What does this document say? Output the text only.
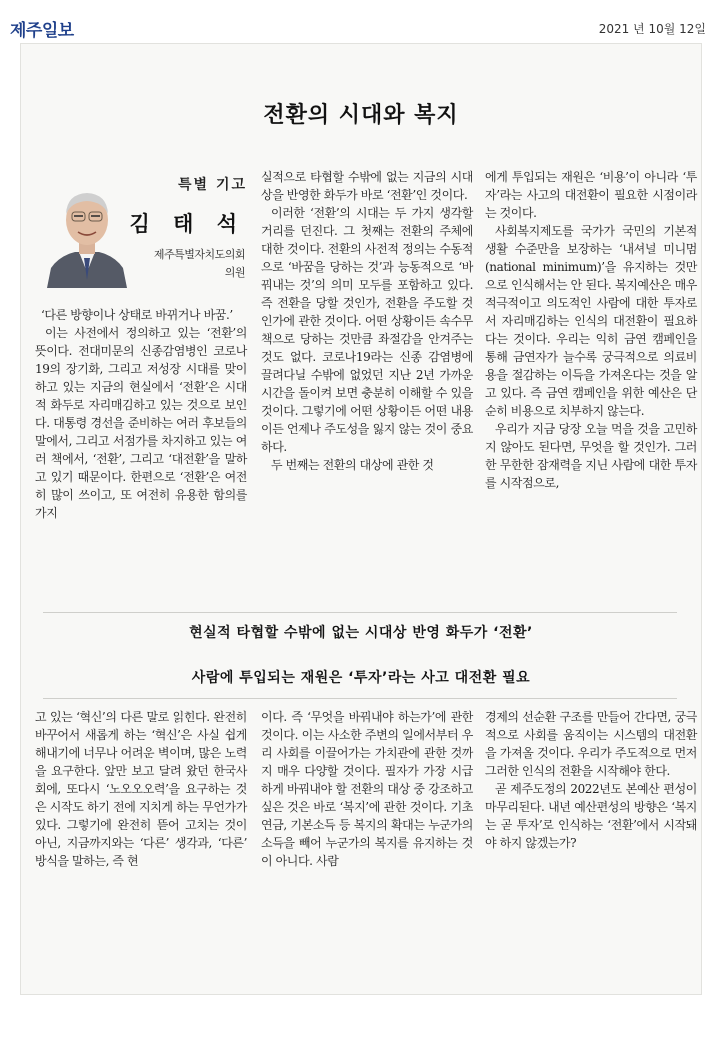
제주일보	2021 년 10월 12일
전환의 시대와 복지
특별 기고
김 태 석
제주특별자치도의회
의원

‘다른 방향이나 상태로 바뀌거나 바꿈.’

이는 사전에서 정의하고 있는 ‘전환’의 뜻이다. 전대미문의 신종감염병인 코로나19의 장기화, 그리고 저성장 시대를 맞이하고 있는 지금의 현실에서 ‘전환’은 시대적 화두로 자리매김하고 있는 것으로 보인다. 대통령 경선을 준비하는 여러 후보들의 말에서, 그리고 서점가를 차지하고 있는 여러 책에서, ‘전환’, 그리고 ‘대전환’을 말하고 있기 때문이다. 한편으로 ‘전환’은 여전히 많이 쓰이고, 또 여전히 유용한 함의를 가지

실적으로 타협할 수밖에 없는 지금의 시대상을 반영한 화두가 바로 ‘전환’인 것이다.

이러한 ‘전환’의 시대는 두 가지 생각할 거리를 던진다. 그 첫째는 전환의 주체에 대한 것이다. 전환의 사전적 정의는 수동적으로 ‘바꿈을 당하는 것’과 능동적으로 ‘바꿔내는 것’의 의미 모두를 포함하고 있다. 즉 전환을 당할 것인가, 전환을 주도할 것인가에 관한 것이다. 어떤 상황이든 속수무책으로 당하는 것만큼 좌절감을 안겨주는 것도 없다. 코로나19라는 신종 감염병에 끌려다닐 수밖에 없었던 지난 2년 가까운 시간을 돌이켜 보면 충분히 이해할 수 있을 것이다. 그렇기에 어떤 상황이든 어떤 내용이든 언제나 주도성을 잃지 않는 것이 중요하다.

두 번째는 전환의 대상에 관한 것

에게 투입되는 재원은 ‘비용’이 아니라 ‘투자’라는 사고의 대전환이 필요한 시점이라는 것이다.

사회복지제도를 국가가 국민의 기본적 생활 수준만을 보장하는 ‘내셔널 미니멈(national minimum)’을 유지하는 것만으로 인식해서는 안 된다. 복지예산은 매우 적극적이고 의도적인 사람에 대한 투자로서 자리매김하는 인식의 대전환이 필요하다는 것이다. 우리는 익히 금연 캠페인을 통해 금연자가 늘수록 궁극적으로 의료비용을 절감하는 이득을 가져온다는 것을 알고 있다. 즉 금연 캠페인을 위한 예산은 단순히 비용으로 치부하지 않는다.

우리가 지금 당장 오늘 먹을 것을 고민하지 않아도 된다면, 무엇을 할 것인가. 그러한 무한한 잠재력을 지닌 사람에 대한 투자를 시작점으로,

현실적 타협할 수밖에 없는 시대상 반영 화두가 ‘전환’
사람에 투입되는 재원은 ‘투자’라는 사고 대전환 필요

고 있는 ‘혁신’의 다른 말로 읽힌다. 완전히 바꾸어서 새롭게 하는 ‘혁신’은 사실 쉽게 해내기에 너무나 어려운 벽이며, 많은 노력을 요구한다. 앞만 보고 달려 왔던 한국사회에, 또다시 ‘노오오오력’을 요구하는 것은 시작도 하기 전에 지치게 하는 무언가가 있다. 그렇기에 완전히 뜯어 고치는 것이 아닌, 지금까지와는 ‘다른’ 생각과, ‘다른’ 방식을 말하는, 즉 현

이다. 즉 ‘무엇을 바꿔내야 하는가’에 관한 것이다. 이는 사소한 주변의 일에서부터 우리 사회를 이끌어가는 가치관에 관한 것까지 매우 다양할 것이다. 필자가 가장 시급하게 바꿔내야 할 전환의 대상 중 강조하고 싶은 것은 바로 ‘복지’에 관한 것이다. 기초연금, 기본소득 등 복지의 확대는 누군가의 소득을 빼어 누군가의 복지를 유지하는 것이 아니다. 사람

경제의 선순환 구조를 만들어 간다면, 궁극적으로 사회를 움직이는 시스템의 대전환을 가져올 것이다. 우리가 주도적으로 먼저 그러한 인식의 전환을 시작해야 한다.

곧 제주도정의 2022년도 본예산 편성이 마무리된다. 내년 예산편성의 방향은 ‘복지는 곧 투자’로 인식하는 ‘전환’에서 시작돼야 하지 않겠는가?
